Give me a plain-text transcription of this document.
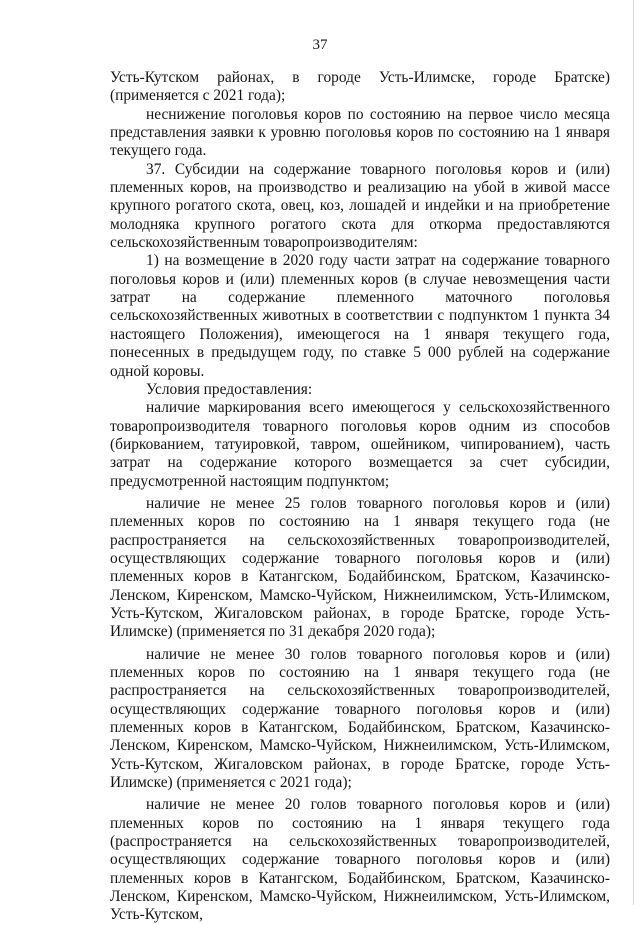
37

Усть-Кутском районах, в городе Усть-Илимске, городе Братске) (применяется с 2021 года);

неснижение поголовья коров по состоянию на первое число месяца представления заявки к уровню поголовья коров по состоянию на 1 января текущего года.

37. Субсидии на содержание товарного поголовья коров и (или) племенных коров, на производство и реализацию на убой в живой массе крупного рогатого скота, овец, коз, лошадей и индейки и на приобретение молодняка крупного рогатого скота для откорма предоставляются сельскохозяйственным товаропроизводителям:

1) на возмещение в 2020 году части затрат на содержание товарного поголовья коров и (или) племенных коров (в случае невозмещения части затрат на содержание племенного маточного поголовья сельскохозяйственных животных в соответствии с подпунктом 1 пункта 34 настоящего Положения), имеющегося на 1 января текущего года, понесенных в предыдущем году, по ставке 5 000 рублей на содержание одной коровы.

Условия предоставления:

наличие маркирования всего имеющегося у сельскохозяйственного товаропроизводителя товарного поголовья коров одним из способов (биркованием, татуировкой, тавром, ошейником, чипированием), часть затрат на содержание которого возмещается за счет субсидии, предусмотренной настоящим подпунктом;

наличие не менее 25 голов товарного поголовья коров и (или) племенных коров по состоянию на 1 января текущего года (не распространяется на сельскохозяйственных товаропроизводителей, осуществляющих содержание товарного поголовья коров и (или) племенных коров в Катангском, Бодайбинском, Братском, Казачинско-Ленском, Киренском, Мамско-Чуйском, Нижнеилимском, Усть-Илимском, Усть-Кутском, Жигаловском районах, в городе Братске, городе Усть-Илимске) (применяется по 31 декабря 2020 года);

наличие не менее 30 голов товарного поголовья коров и (или) племенных коров по состоянию на 1 января текущего года (не распространяется на сельскохозяйственных товаропроизводителей, осуществляющих содержание товарного поголовья коров и (или) племенных коров в Катангском, Бодайбинском, Братском, Казачинско-Ленском, Киренском, Мамско-Чуйском, Нижнеилимском, Усть-Илимском, Усть-Кутском, Жигаловском районах, в городе Братске, городе Усть-Илимске) (применяется с 2021 года);

наличие не менее 20 голов товарного поголовья коров и (или) племенных коров по состоянию на 1 января текущего года (распространяется на сельскохозяйственных товаропроизводителей, осуществляющих содержание товарного поголовья коров и (или) племенных коров в Катангском, Бодайбинском, Братском, Казачинско-Ленском, Киренском, Мамско-Чуйском, Нижнеилимском, Усть-Илимском, Усть-Кутском,
